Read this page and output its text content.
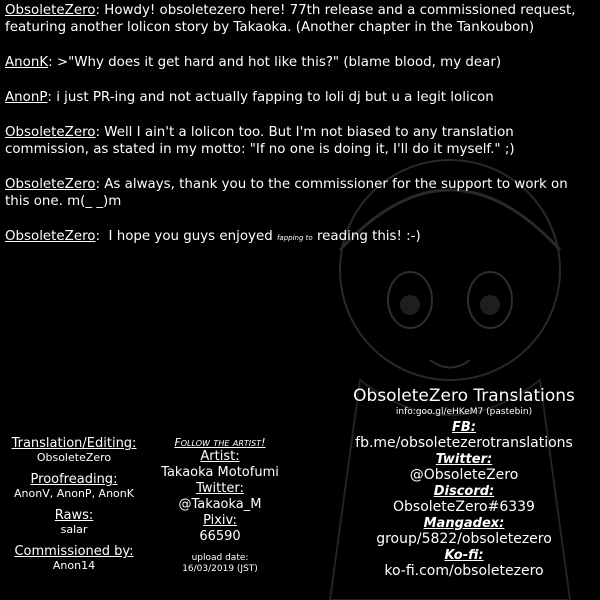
ObsoleteZero: Howdy! obsoletezero here! 77th release and a commissioned request, featuring another lolicon story by Takaoka. (Another chapter in the Tankoubon)

AnonK: >"Why does it get hard and hot like this?" (blame blood, my dear)

AnonP: i just PR-ing and not actually fapping to loli dj but u a legit lolicon

ObsoleteZero: Well I ain't a lolicon too. But I'm not biased to any translation commission, as stated in my motto: "If no one is doing it, I'll do it myself." ;)

ObsoleteZero: As always, thank you to the commissioner for the support to work on this one. m(_ _)m

ObsoleteZero:  I hope you guys enjoyed fapping to reading this! :-)

Translation/Editing:
ObsoleteZero
Proofreading:
AnonV, AnonP, AnonK
Raws:
salar
Commissioned by:
Anon14
Follow the artist!
Artist:
Takaoka Motofumi
Twitter:
@Takaoka_M
Pixiv:
66590
upload date:
16/03/2019 (JST)
ObsoleteZero Translations
info:goo.gl/eHKeM7 (pastebin)
FB:
fb.me/obsoletezerotranslations
Twitter:
@ObsoleteZero
Discord:
ObsoleteZero#6339
Mangadex:
group/5822/obsoletezero
Ko-fi:
ko-fi.com/obsoletezero
